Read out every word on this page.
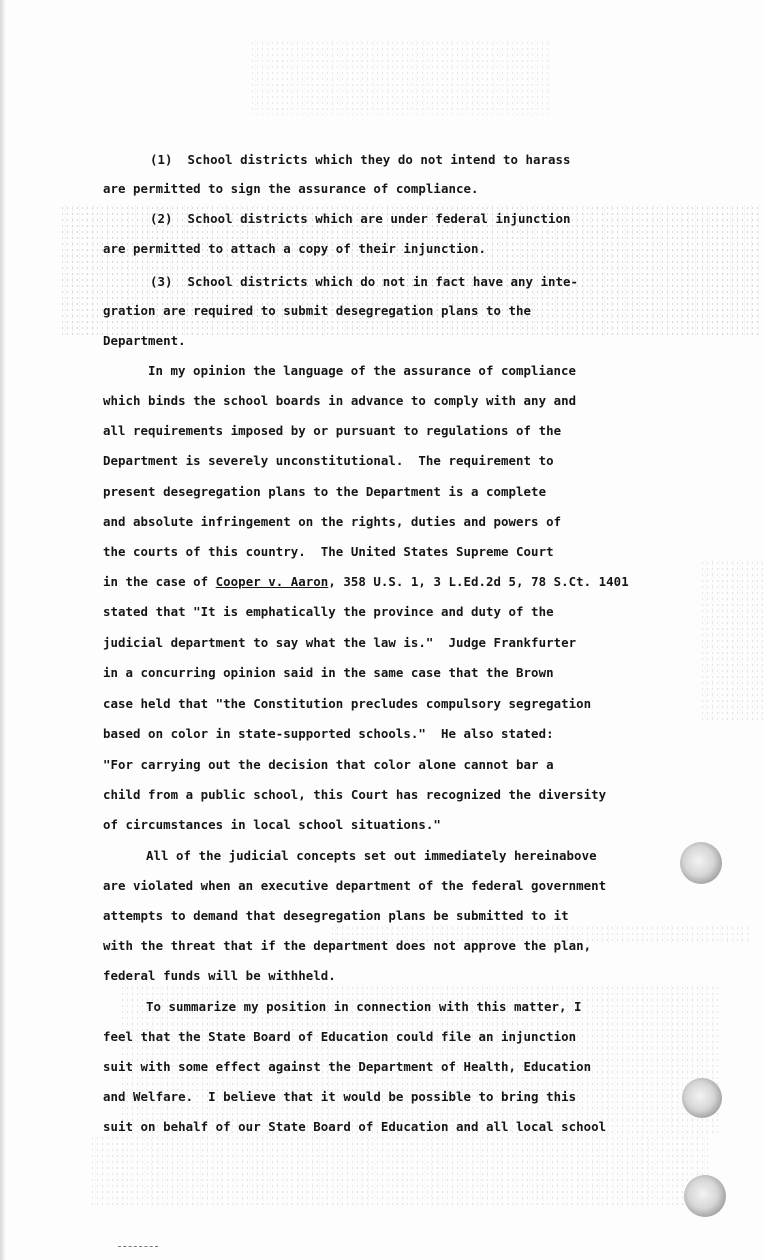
(1)  School districts which they do not intend to harass
are permitted to sign the assurance of compliance.
(2)  School districts which are under federal injunction
are permitted to attach a copy of their injunction.
(3)  School districts which do not in fact have any inte-
gration are required to submit desegregation plans to the
Department.
In my opinion the language of the assurance of compliance
which binds the school boards in advance to comply with any and
all requirements imposed by or pursuant to regulations of the
Department is severely unconstitutional.  The requirement to
present desegregation plans to the Department is a complete
and absolute infringement on the rights, duties and powers of
the courts of this country.  The United States Supreme Court
in the case of Cooper v. Aaron, 358 U.S. 1, 3 L.Ed.2d 5, 78 S.Ct. 1401
stated that "It is emphatically the province and duty of the
judicial department to say what the law is."  Judge Frankfurter
in a concurring opinion said in the same case that the Brown
case held that "the Constitution precludes compulsory segregation
based on color in state-supported schools."  He also stated:
"For carrying out the decision that color alone cannot bar a
child from a public school, this Court has recognized the diversity
of circumstances in local school situations."
All of the judicial concepts set out immediately hereinabove
are violated when an executive department of the federal government
attempts to demand that desegregation plans be submitted to it
with the threat that if the department does not approve the plan,
federal funds will be withheld.
To summarize my position in connection with this matter, I
feel that the State Board of Education could file an injunction
suit with some effect against the Department of Health, Education
and Welfare.  I believe that it would be possible to bring this
suit on behalf of our State Board of Education and all local school
